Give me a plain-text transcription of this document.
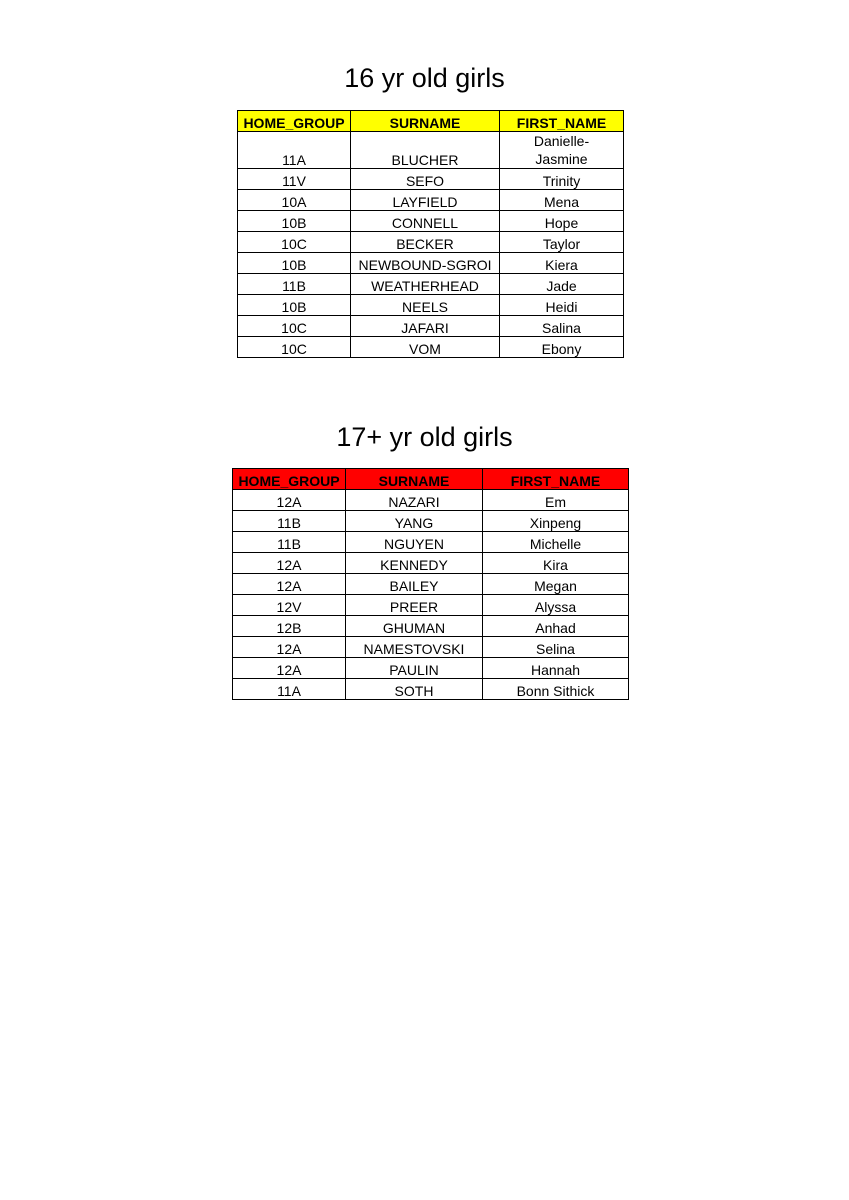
16 yr old girls
HOME_GROUP	SURNAME	FIRST_NAME
11A	BLUCHER	Danielle-
Jasmine
11V	SEFO	Trinity
10A	LAYFIELD	Mena
10B	CONNELL	Hope
10C	BECKER	Taylor
10B	NEWBOUND-SGROI	Kiera
11B	WEATHERHEAD	Jade
10B	NEELS	Heidi
10C	JAFARI	Salina
10C	VOM	Ebony
17+ yr old girls
HOME_GROUP	SURNAME	FIRST_NAME
12A	NAZARI	Em
11B	YANG	Xinpeng
11B	NGUYEN	Michelle
12A	KENNEDY	Kira
12A	BAILEY	Megan
12V	PREER	Alyssa
12B	GHUMAN	Anhad
12A	NAMESTOVSKI	Selina
12A	PAULIN	Hannah
11A	SOTH	Bonn Sithick
